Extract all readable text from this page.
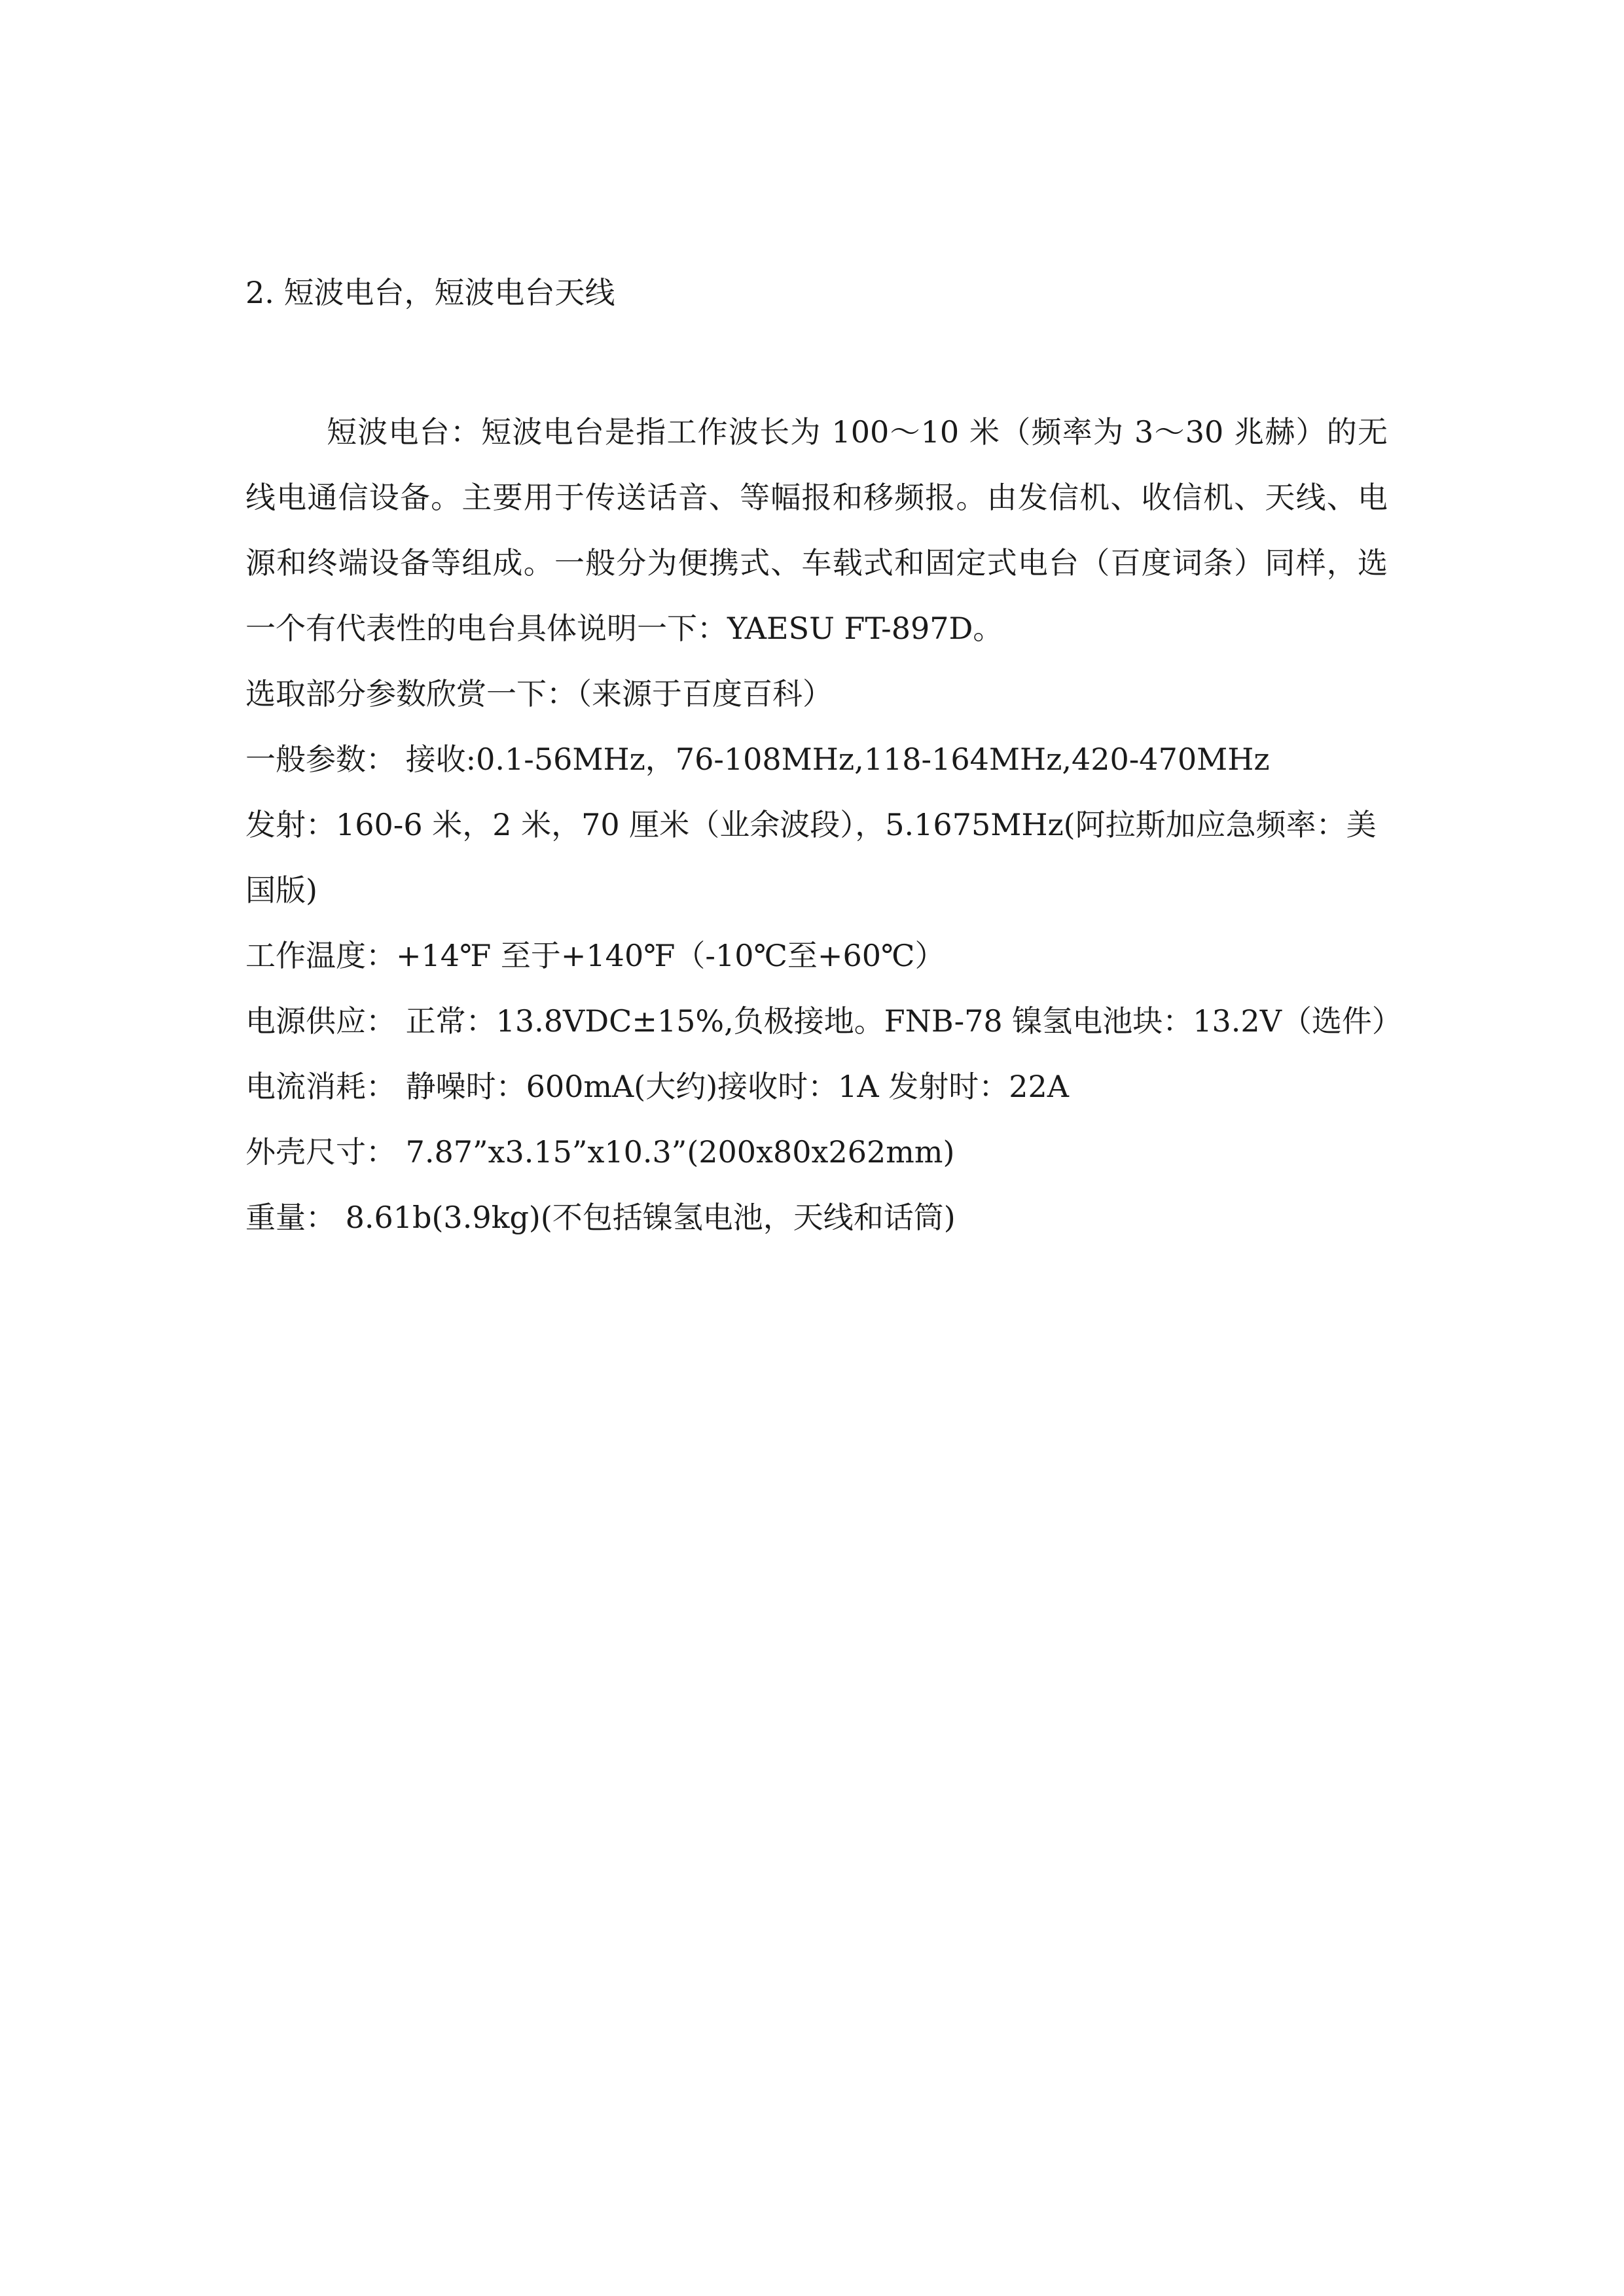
2. 短波电台，短波电台天线

短波电台：短波电台是指工作波长为 100～10 米（频率为 3～30 兆赫）的无线电通信设备。主要用于传送话音、等幅报和移频报。由发信机、收信机、天线、电源和终端设备等组成。一般分为便携式、车载式和固定式电台（百度词条）同样，选一个有代表性的电台具体说明一下：YAESU FT-897D。

选取部分参数欣赏一下：（来源于百度百科）

一般参数： 接收:0.1-56MHz，76-108MHz,118-164MHz,420-470MHz

发射：160-6 米，2 米，70 厘米（业余波段），5.1675MHz(阿拉斯加应急频率：美国版)

工作温度：+14℉ 至于+140℉（-10℃至+60℃）

电源供应： 正常：13.8VDC±15%,负极接地。FNB-78 镍氢电池块：13.2V（选件）

电流消耗： 静噪时：600mA(大约)接收时：1A 发射时：22A

外壳尺寸： 7.87”x3.15”x10.3”(200x80x262mm)

重量： 8.61b(3.9kg)(不包括镍氢电池，天线和话筒)
